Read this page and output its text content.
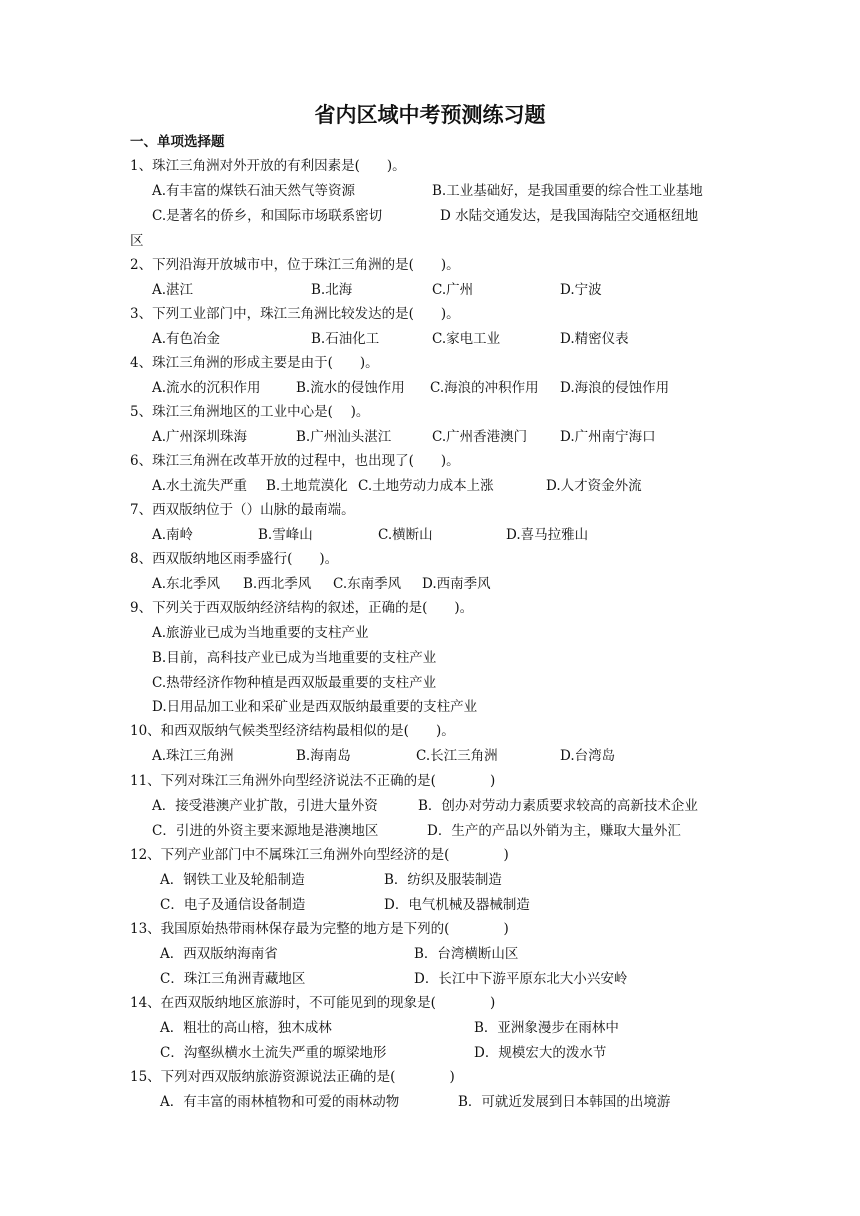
省内区域中考预测练习题
一、单项选择题
1、珠江三角洲对外开放的有利因素是(　　)。
A.有丰富的煤铁石油天然气等资源	B.工业基础好，是我国重要的综合性工业基地
C.是著名的侨乡，和国际市场联系密切	D 水陆交通发达，是我国海陆空交通枢纽地
区
2、下列沿海开放城市中，位于珠江三角洲的是(　　)。
A.湛江	B.北海	C.广州	D.宁波
3、下列工业部门中，珠江三角洲比较发达的是(　　)。
A.有色冶金	B.石油化工	C.家电工业	D.精密仪表
4、珠江三角洲的形成主要是由于(　　)。
A.流水的沉积作用	B.流水的侵蚀作用 C.海浪的冲积作用 D.海浪的侵蚀作用
5、珠江三角洲地区的工业中心是(　 )。
A.广州深圳珠海	B.广州汕头湛江	C.广州香港澳门 D.广州南宁海口
6、珠江三角洲在改革开放的过程中，也出现了(　　)。
A.水土流失严重 B.土地荒漠化 C.土地劳动力成本上涨	D.人才资金外流
7、西双版纳位于（）山脉的最南端。
A.南岭	B.雪峰山	C.横断山	D.喜马拉雅山
8、西双版纳地区雨季盛行(　　)。
A.东北季风 B.西北季风 C.东南季风 D.西南季风
9、下列关于西双版纳经济结构的叙述，正确的是(　　)。
A.旅游业已成为当地重要的支柱产业
B.目前，高科技产业已成为当地重要的支柱产业
C.热带经济作物种植是西双版最重要的支柱产业
D.日用品加工业和采矿业是西双版纳最重要的支柱产业
10、和西双版纳气候类型经济结构最相似的是(　　)。
A.珠江三角洲	B.海南岛	C.长江三角洲	D.台湾岛
11、下列对珠江三角洲外向型经济说法不正确的是(　　　　)
A．接受港澳产业扩散，引进大量外资	B．创办对劳动力素质要求较高的高新技术企业
C．引进的外资主要来源地是港澳地区	D．生产的产品以外销为主，赚取大量外汇
12、下列产业部门中不属珠江三角洲外向型经济的是(　　　　)
A．钢铁工业及轮船制造	B．纺织及服装制造
C．电子及通信设备制造	D．电气机械及器械制造
13、我国原始热带雨林保存最为完整的地方是下列的(　　　　)
A．西双版纳海南省	B．台湾横断山区
C．珠江三角洲青藏地区	D．长江中下游平原东北大小兴安岭
14、在西双版纳地区旅游时，不可能见到的现象是(　　　　)
A．粗壮的高山榕，独木成林	B．亚洲象漫步在雨林中
C．沟壑纵横水土流失严重的塬梁地形	D．规模宏大的泼水节
15、下列对西双版纳旅游资源说法正确的是(　　　　)
A．有丰富的雨林植物和可爱的雨林动物	B．可就近发展到日本韩国的出境游
